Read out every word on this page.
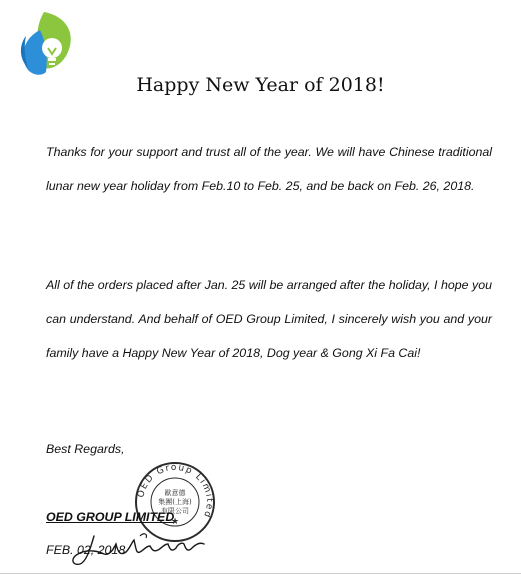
Happy New Year of 2018!

Thanks for your support and trust all of the year. We will have Chinese traditional lunar new year holiday from Feb.10 to Feb. 25, and be back on Feb. 26, 2018.

All of the orders placed after Jan. 25 will be arranged after the holiday, I hope you can understand. And behalf of OED Group Limited, I sincerely wish you and your family have a Happy New Year of 2018, Dog year & Gong Xi Fa Cai!

Best Regards,
OED Group Limited
★
歐意德
集團(上海)
有限公司
OED GROUP LIMITED
FEB. 02, 2018
